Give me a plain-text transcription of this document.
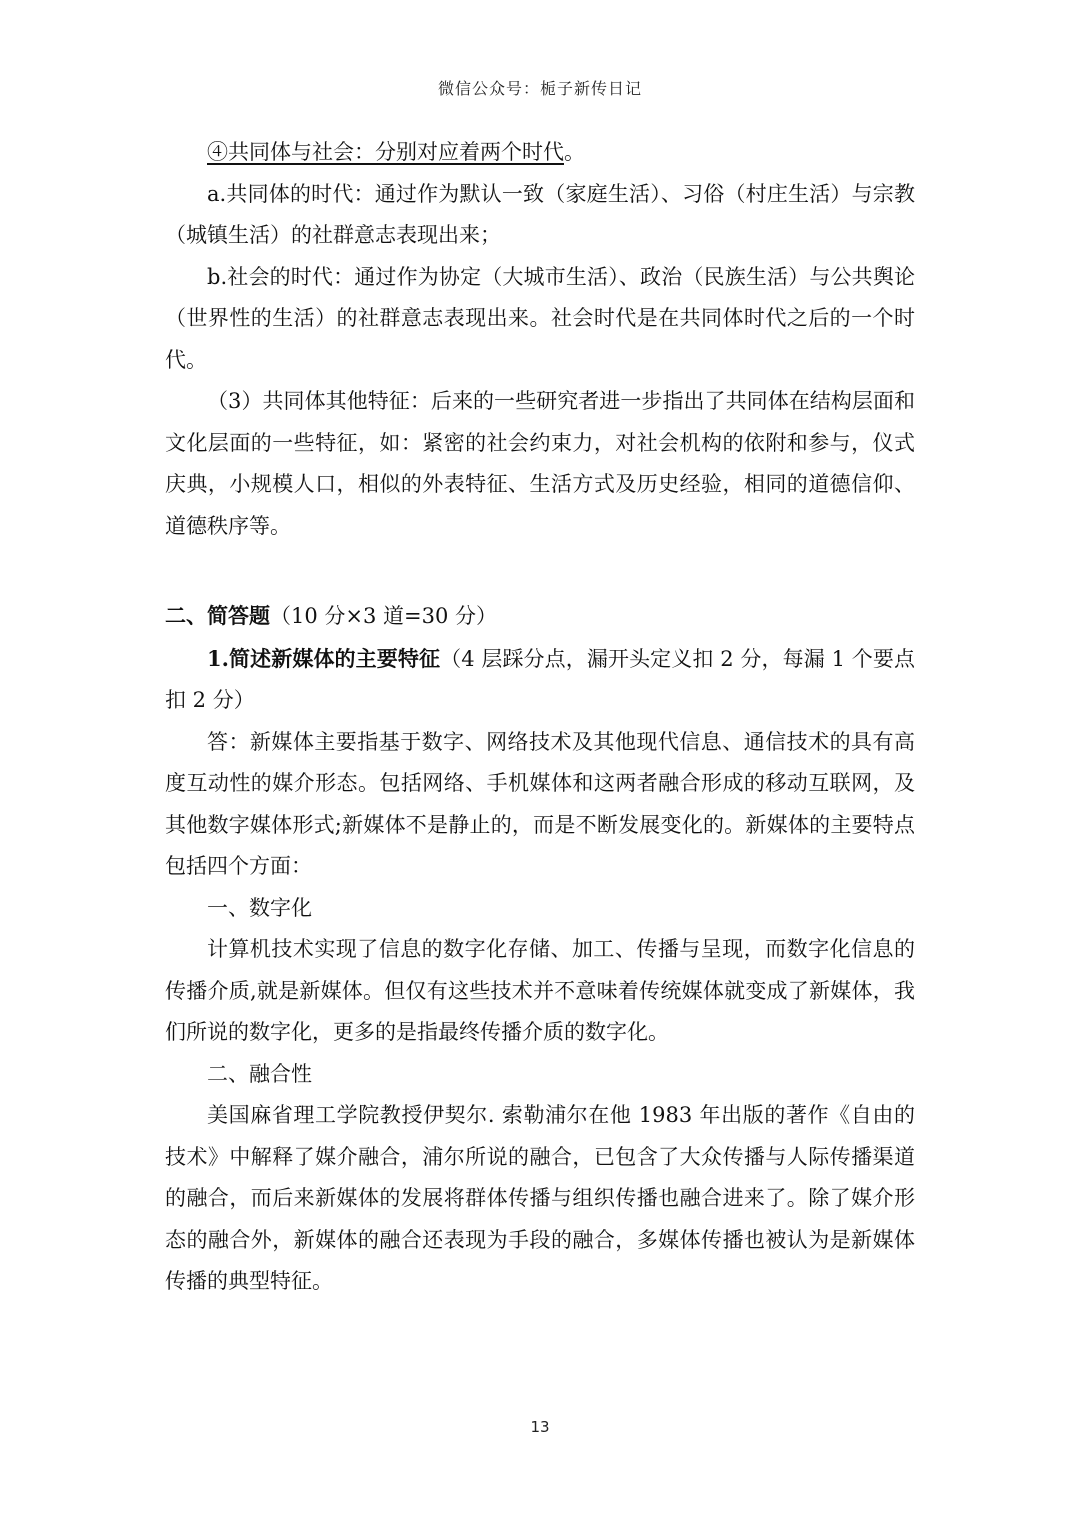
微信公众号：栀子新传日记

④共同体与社会：分别对应着两个时代。

a.共同体的时代：通过作为默认一致（家庭生活）、习俗（村庄生活）与宗教（城镇生活）的社群意志表现出来；

b.社会的时代：通过作为协定（大城市生活）、政治（民族生活）与公共舆论（世界性的生活）的社群意志表现出来。社会时代是在共同体时代之后的一个时代。

（3）共同体其他特征：后来的一些研究者进一步指出了共同体在结构层面和文化层面的一些特征，如：紧密的社会约束力，对社会机构的依附和参与，仪式庆典，小规模人口，相似的外表特征、生活方式及历史经验，相同的道德信仰、道德秩序等。

二、简答题（10 分×3 道=30 分）

1.简述新媒体的主要特征（4 层踩分点，漏开头定义扣 2 分，每漏 1 个要点扣 2 分）

答：新媒体主要指基于数字、网络技术及其他现代信息、通信技术的具有高度互动性的媒介形态。包括网络、手机媒体和这两者融合形成的移动互联网，及其他数字媒体形式;新媒体不是静止的，而是不断发展变化的。新媒体的主要特点包括四个方面：

一、数字化

计算机技术实现了信息的数字化存储、加工、传播与呈现，而数字化信息的传播介质,就是新媒体。但仅有这些技术并不意味着传统媒体就变成了新媒体，我们所说的数字化，更多的是指最终传播介质的数字化。

二、融合性

美国麻省理工学院教授伊契尔. 索勒浦尔在他 1983 年出版的著作《自由的技术》中解释了媒介融合，浦尔所说的融合，已包含了大众传播与人际传播渠道的融合，而后来新媒体的发展将群体传播与组织传播也融合进来了。除了媒介形态的融合外，新媒体的融合还表现为手段的融合，多媒体传播也被认为是新媒体传播的典型特征。

13
